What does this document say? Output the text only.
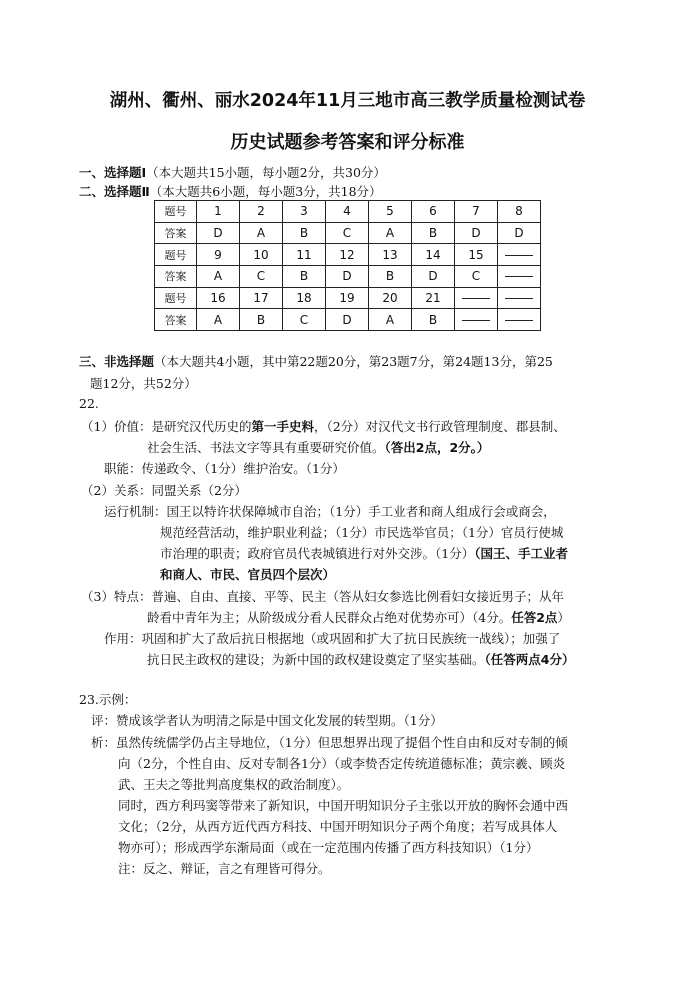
湖州、衢州、丽水2024年11月三地市高三教学质量检测试卷
历史试题参考答案和评分标准
一、选择题Ⅰ（本大题共15小题，每小题2分，共30分）
二、选择题Ⅱ（本大题共6小题，每小题3分，共18分）
题号	1	2	3	4	5	6	7	8
答案	D	A	B	C	A	B	D	D
题号	9	10	11	12	13	14	15	
答案	A	C	B	D	B	D	C	
题号	16	17	18	19	20	21		
答案	A	B	C	D	A	B		
三、非选择题（本大题共4小题，其中第22题20分，第23题7分，第24题13分，第25
题12分，共52分）
22.
（1）价值：是研究汉代历史的第一手史料，（2分）对汉代文书行政管理制度、郡县制、
社会生活、书法文字等具有重要研究价值。（答出2点，2分。）
职能：传递政令、（1分）维护治安。（1分）
（2）关系：同盟关系（2分）
运行机制：国王以特许状保障城市自治；（1分）手工业者和商人组成行会或商会，
规范经营活动，维护职业利益；（1分）市民选举官员；（1分）官员行使城
市治理的职责；政府官员代表城镇进行对外交涉。（1分）（国王、手工业者
和商人、市民、官员四个层次）
（3）特点：普遍、自由、直接、平等、民主（答从妇女参选比例看妇女接近男子；从年
龄看中青年为主；从阶级成分看人民群众占绝对优势亦可）（4分。任答2点）
作用：巩固和扩大了敌后抗日根据地（或巩固和扩大了抗日民族统一战线）；加强了
抗日民主政权的建设；为新中国的政权建设奠定了坚实基础。（任答两点4分）
23.示例：
评：赞成该学者认为明清之际是中国文化发展的转型期。（1分）
析：虽然传统儒学仍占主导地位，（1分）但思想界出现了提倡个性自由和反对专制的倾
向（2分，个性自由、反对专制各1分）（或李贽否定传统道德标准；黄宗羲、顾炎
武、王夫之等批判高度集权的政治制度）。
同时，西方利玛窦等带来了新知识，中国开明知识分子主张以开放的胸怀会通中西
文化；（2分，从西方近代西方科技、中国开明知识分子两个角度；若写成具体人
物亦可）；形成西学东渐局面（或在一定范围内传播了西方科技知识）（1分）
注：反之、辩证，言之有理皆可得分。
